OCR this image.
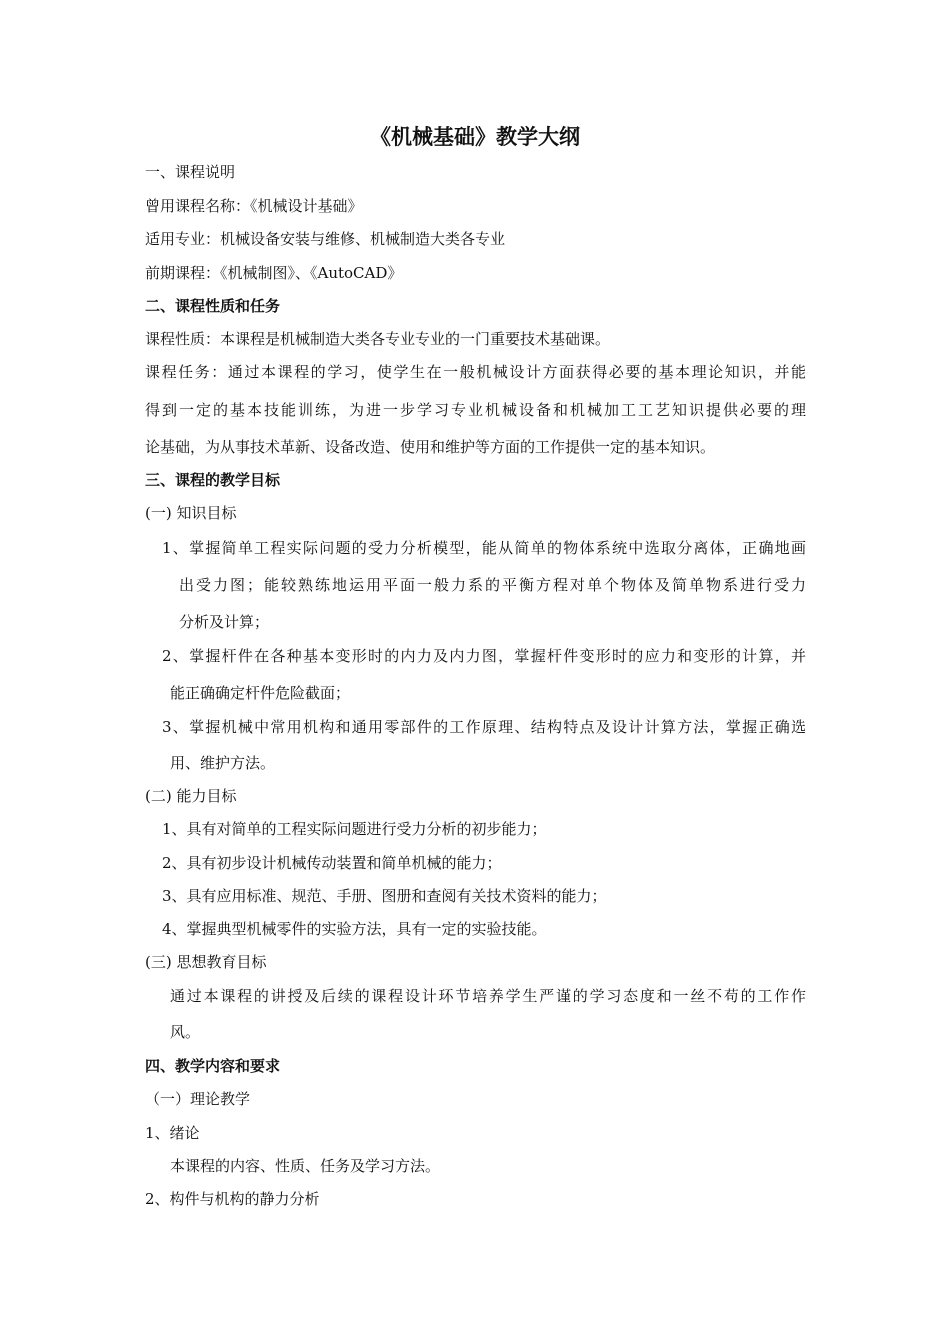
《机械基础》教学大纲
一、课程说明
曾用课程名称：《机械设计基础》
适用专业：机械设备安装与维修、机械制造大类各专业
前期课程：《机械制图》、《AutoCAD》
二、课程性质和任务
课程性质：本课程是机械制造大类各专业专业的一门重要技术基础课。
课程任务：通过本课程的学习，使学生在一般机械设计方面获得必要的基本理论知识，并能
得到一定的基本技能训练，为进一步学习专业机械设备和机械加工工艺知识提供必要的理
论基础，为从事技术革新、设备改造、使用和维护等方面的工作提供一定的基本知识。
三、课程的教学目标
(一) 知识目标
1、掌握简单工程实际问题的受力分析模型，能从简单的物体系统中选取分离体，正确地画
出受力图；能较熟练地运用平面一般力系的平衡方程对单个物体及简单物系进行受力
分析及计算；
2、掌握杆件在各种基本变形时的内力及内力图，掌握杆件变形时的应力和变形的计算，并
能正确确定杆件危险截面；
3、掌握机械中常用机构和通用零部件的工作原理、结构特点及设计计算方法，掌握正确选
用、维护方法。
(二) 能力目标
1、具有对简单的工程实际问题进行受力分析的初步能力；
2、具有初步设计机械传动装置和简单机械的能力；
3、具有应用标准、规范、手册、图册和查阅有关技术资料的能力；
4、掌握典型机械零件的实验方法，具有一定的实验技能。
(三) 思想教育目标
通过本课程的讲授及后续的课程设计环节培养学生严谨的学习态度和一丝不苟的工作作
风。
四、教学内容和要求
（一）理论教学
1、绪论
本课程的内容、性质、任务及学习方法。
2、构件与机构的静力分析
